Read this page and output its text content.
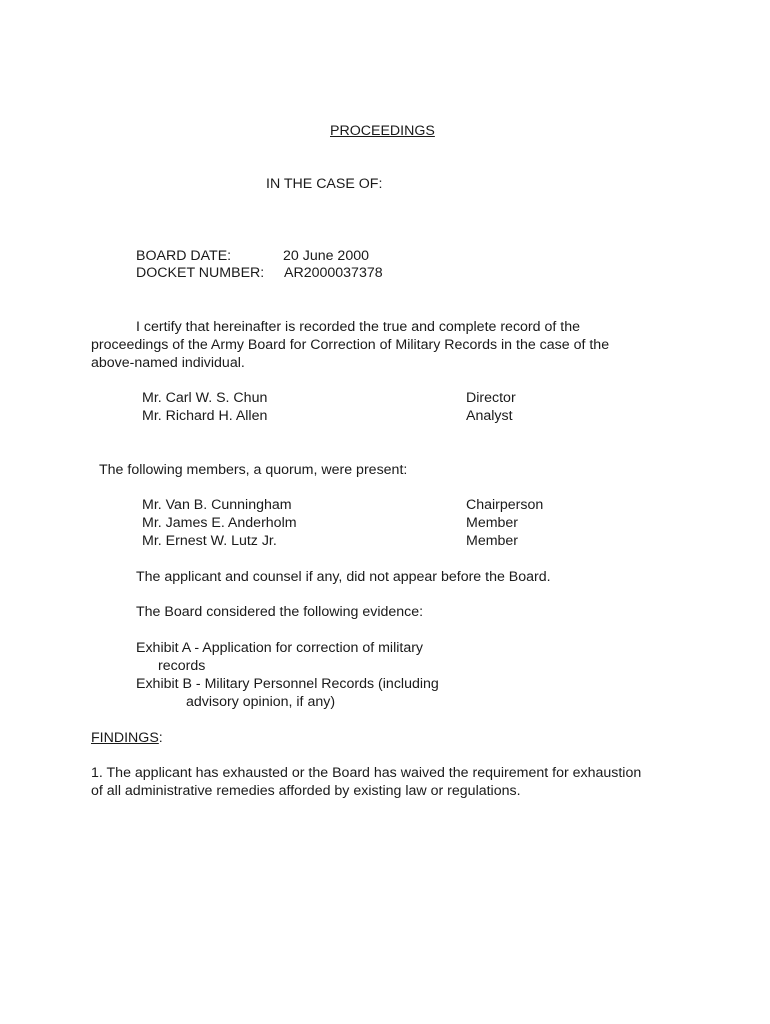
PROCEEDINGS
IN THE CASE OF:
BOARD DATE:	20 June 2000
DOCKET NUMBER: AR2000037378
I certify that hereinafter is recorded the true and complete record of the proceedings of the Army Board for Correction of Military Records in the case of the above-named individual.
Mr. Carl W. S. Chun	Director
Mr. Richard H. Allen	Analyst
The following members, a quorum, were present:
Mr. Van B. Cunningham	Chairperson
Mr. James E. Anderholm	Member
Mr. Ernest W. Lutz Jr.	Member
The applicant and counsel if any, did not appear before the Board.
The Board considered the following evidence:
Exhibit A - Application for correction of military
records
Exhibit B - Military Personnel Records (including
advisory opinion, if any)
FINDINGS:
1. The applicant has exhausted or the Board has waived the requirement for exhaustion of all administrative remedies afforded by existing law or regulations.
